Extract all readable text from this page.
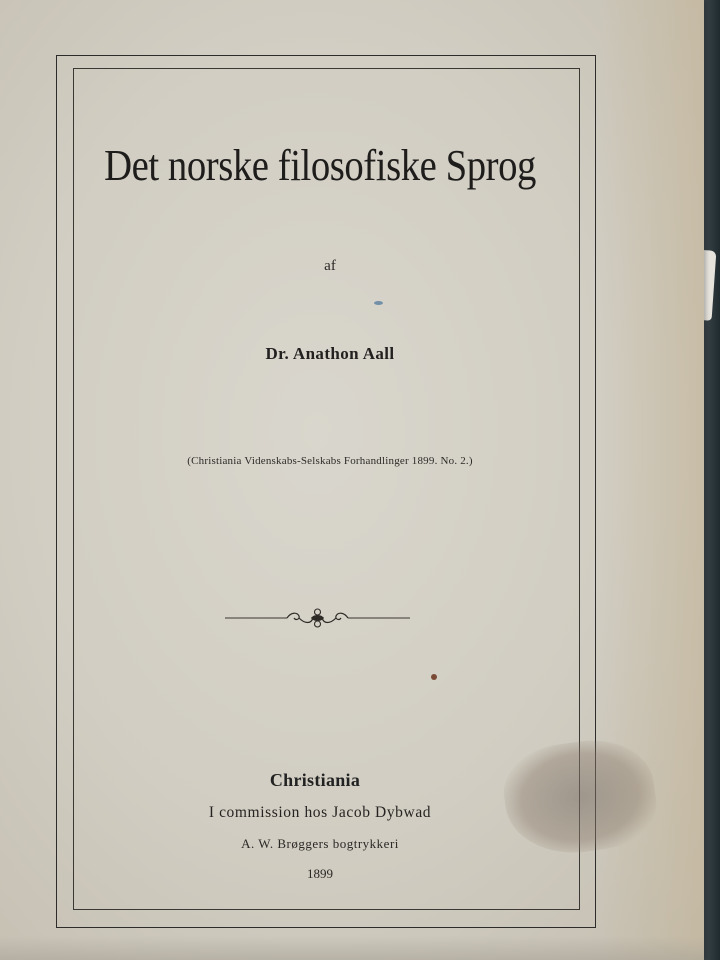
Det norske filosofiske Sprog
af
Dr. Anathon Aall
(Christiania Videnskabs-Selskabs Forhandlinger 1899. No. 2.)
Christiania
I commission hos Jacob Dybwad
A. W. Brøggers bogtrykkeri
1899
